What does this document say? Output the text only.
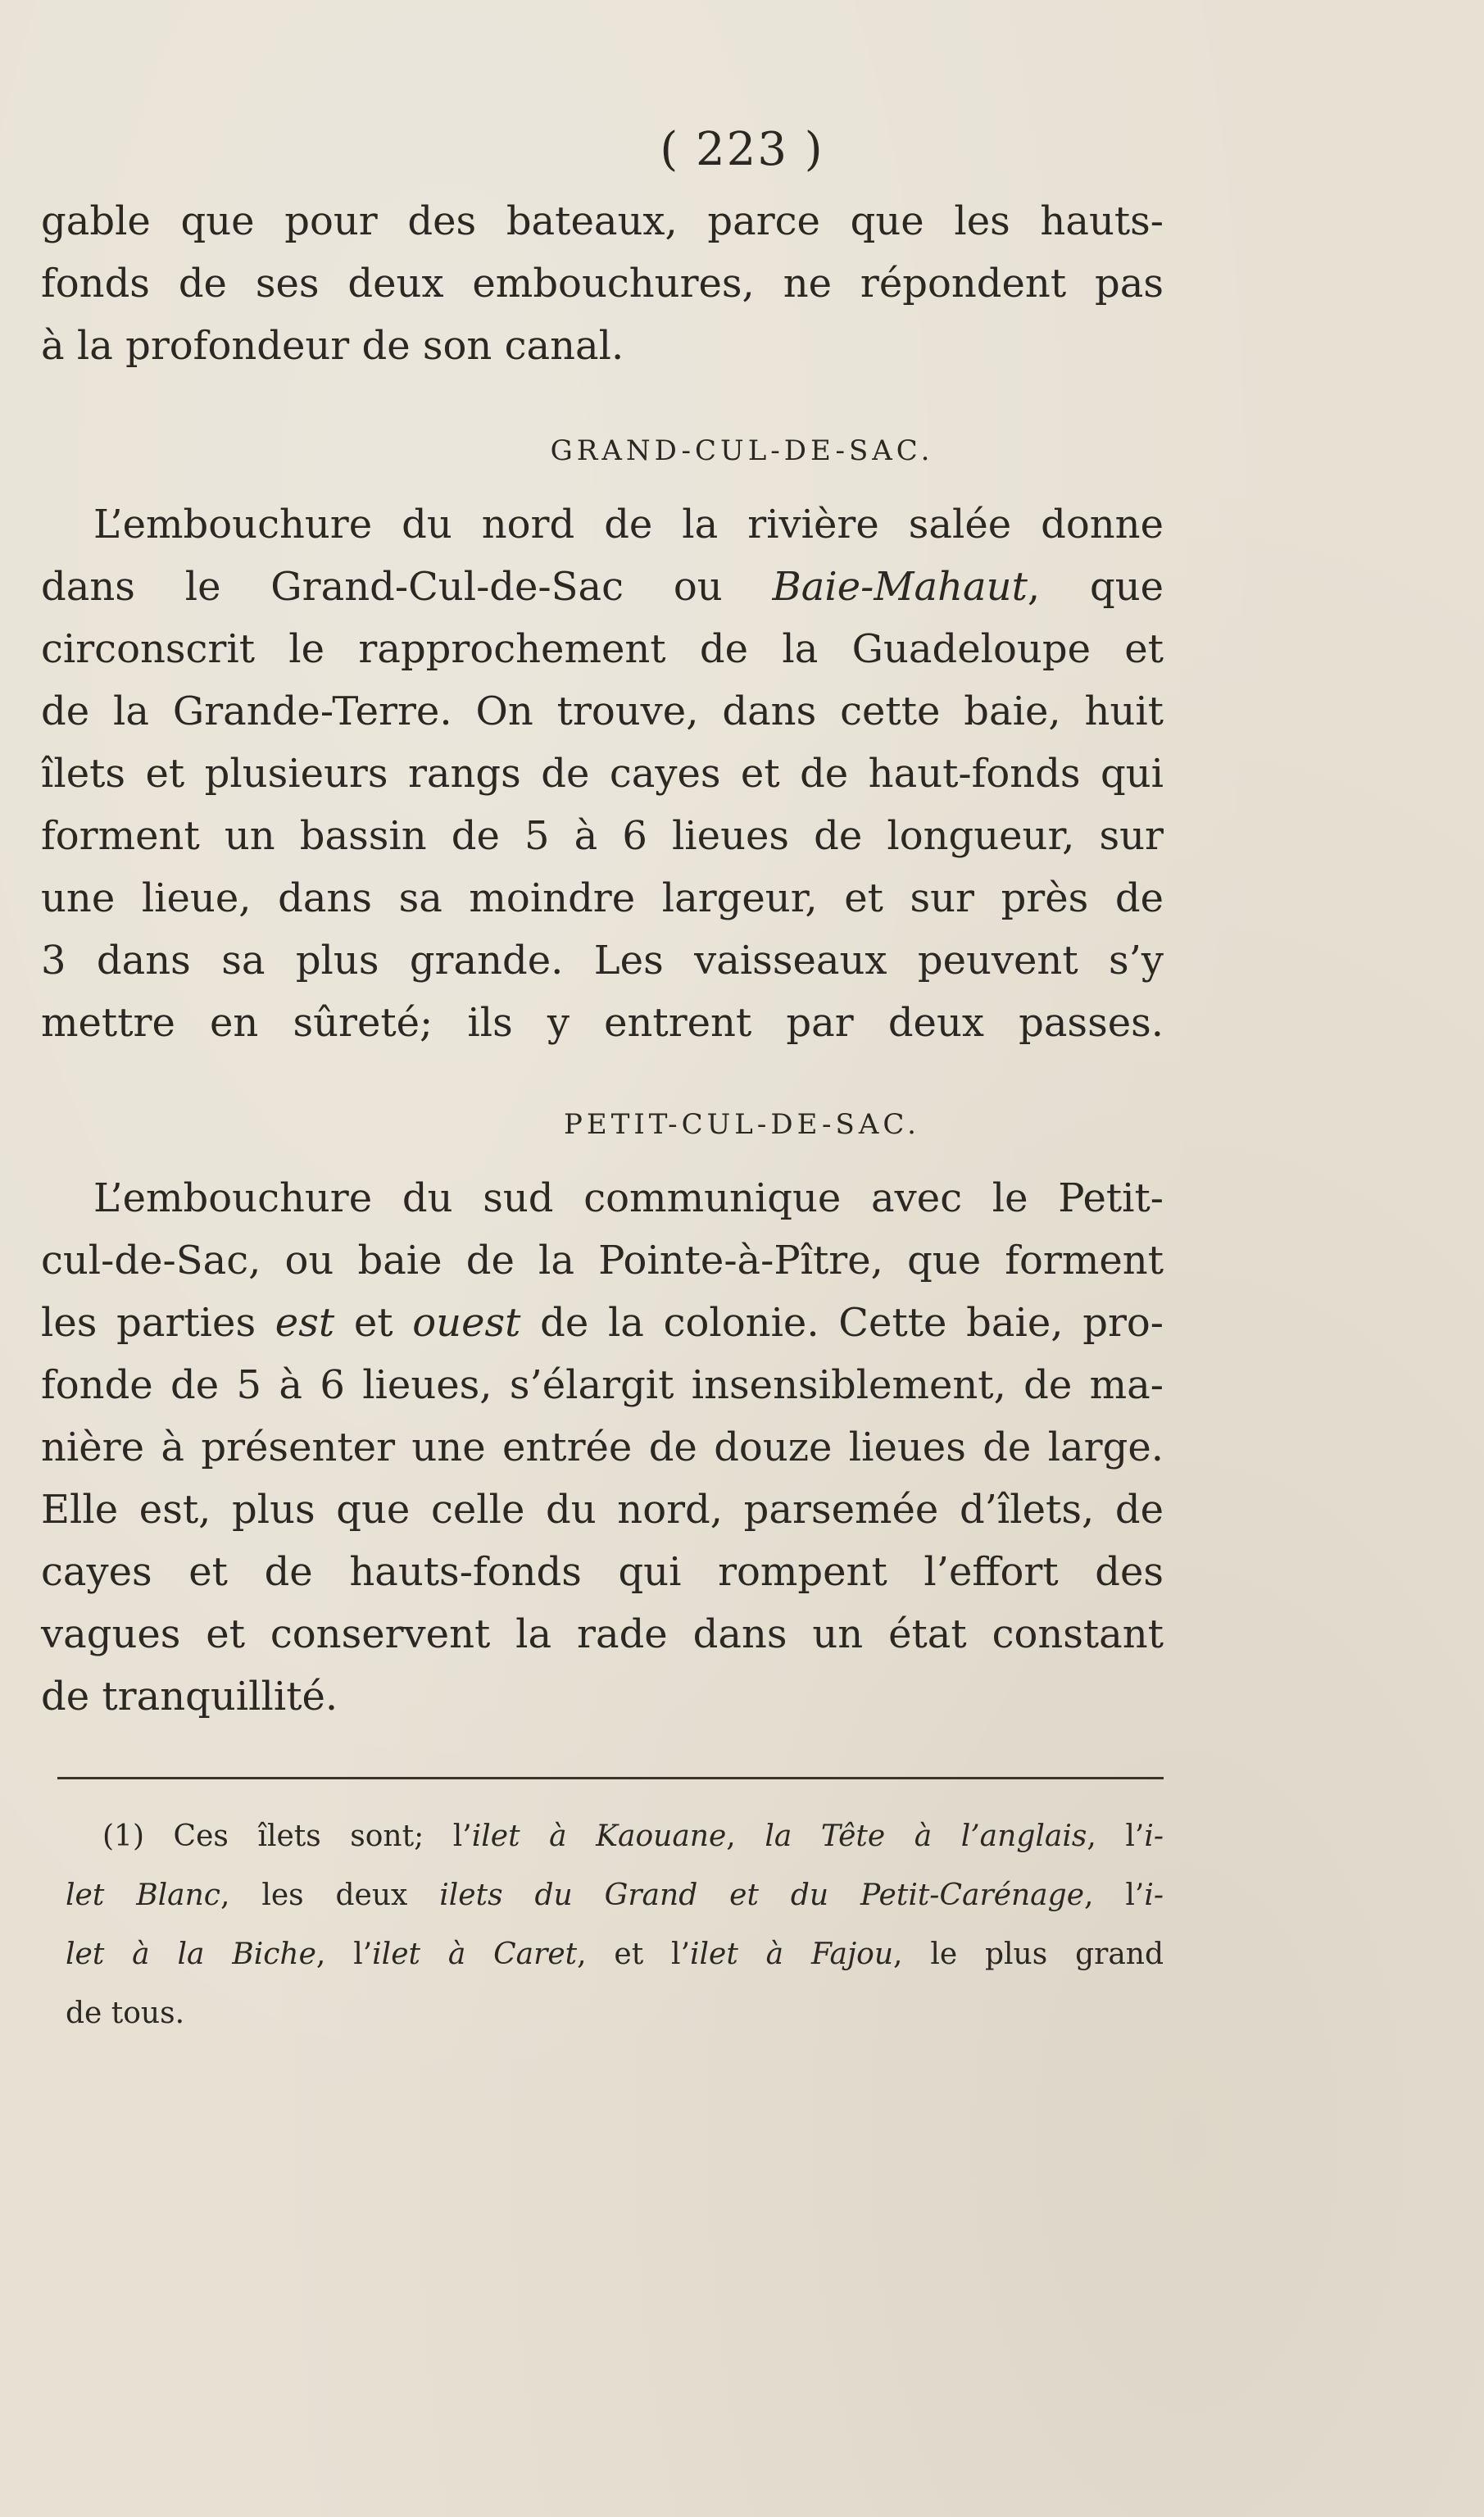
( 223 )
gable que pour des bateaux, parce que les hauts-
fonds de ses deux embouchures, ne répondent pas
à la profondeur de son canal.
GRAND-CUL-DE-SAC.
L’embouchure du nord de la rivière salée donne
dans le Grand-Cul-de-Sac ou Baie-Mahaut, que
circonscrit le rapprochement de la Guadeloupe et
de la Grande-Terre. On trouve, dans cette baie, huit
îlets et plusieurs rangs de cayes et de haut-fonds qui
forment un bassin de 5 à 6 lieues de longueur, sur
une lieue, dans sa moindre largeur, et sur près de
3 dans sa plus grande. Les vaisseaux peuvent s’y
mettre en sûreté; ils y entrent par deux passes.
PETIT-CUL-DE-SAC.
L’embouchure du sud communique avec le Petit-
cul-de-Sac, ou baie de la Pointe-à-Pître, que forment
les parties est et ouest de la colonie. Cette baie, pro-
fonde de 5 à 6 lieues, s’élargit insensiblement, de ma-
nière à présenter une entrée de douze lieues de large.
Elle est, plus que celle du nord, parsemée d’îlets, de
cayes et de hauts-fonds qui rompent l’effort des
vagues et conservent la rade dans un état constant
de tranquillité.
(1) Ces îlets sont; l’ilet à Kaouane, la Tête à l’anglais, l’i-
let Blanc, les deux ilets du Grand et du Petit-Carénage, l’i-
let à la Biche, l’ilet à Caret, et l’ilet à Fajou, le plus grand
de tous.
